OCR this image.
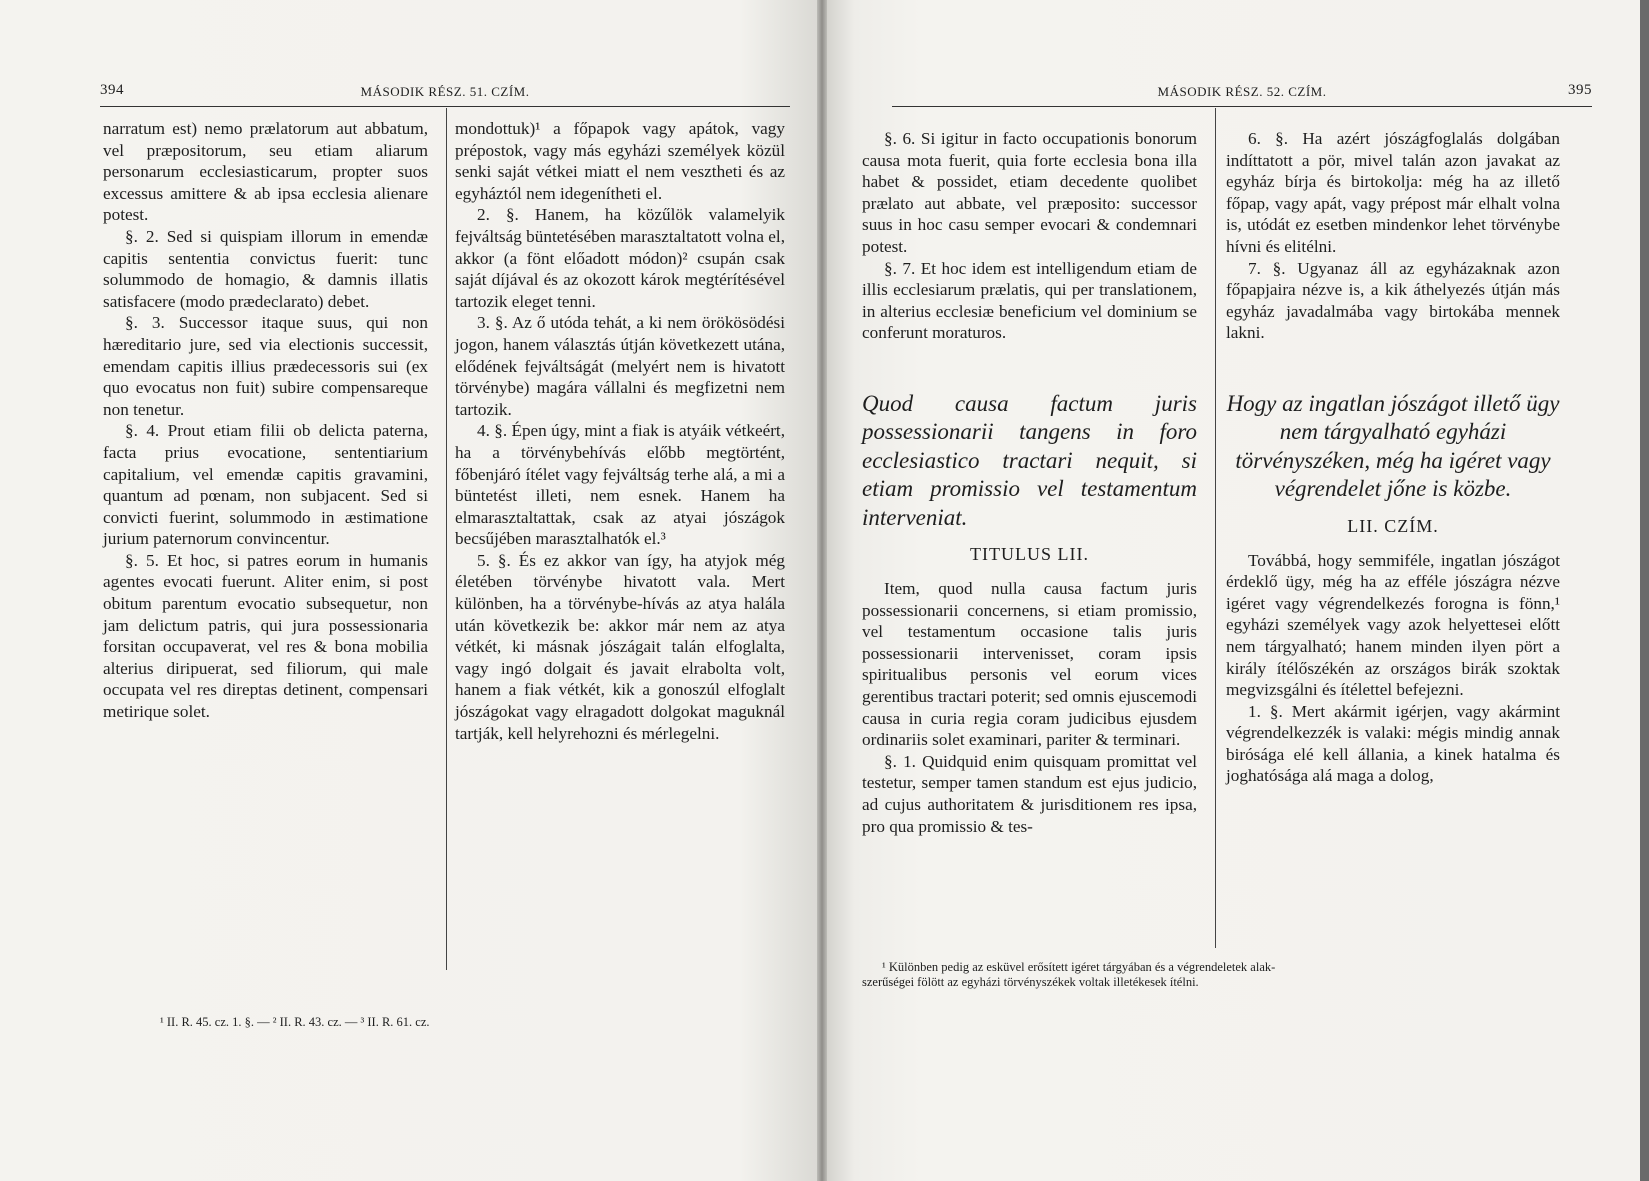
394	MÁSODIK RÉSZ. 51. CZÍM.

narratum est) nemo prælatorum aut abbatum, vel præpositorum, seu etiam aliarum personarum ecclesiasticarum, propter suos excessus amittere & ab ipsa ecclesia alienare potest.

§. 2. Sed si quispiam illorum in emendæ capitis sententia convictus fuerit: tunc solummodo de homagio, & damnis illatis satisfacere (modo prædeclarato) debet.

§. 3. Successor itaque suus, qui non hæreditario jure, sed via electionis successit, emendam capitis illius prædecessoris sui (ex quo evocatus non fuit) subire compensareque non tenetur.

§. 4. Prout etiam filii ob delicta paterna, facta prius evocatione, sententiarium capitalium, vel emendæ capitis gravamini, quantum ad pœnam, non subjacent. Sed si convicti fuerint, solummodo in æstimatione jurium paternorum convincentur.

§. 5. Et hoc, si patres eorum in humanis agentes evocati fuerunt. Aliter enim, si post obitum parentum evocatio subsequetur, non jam delictum patris, qui jura possessionaria forsitan occupaverat, vel res & bona mobilia alterius diripuerat, sed filiorum, qui male occupata vel res direptas detinent, compensari metirique solet.

mondottuk)¹ a főpapok vagy apátok, vagy prépostok, vagy más egyházi személyek közül senki saját vétkei miatt el nem vesztheti és az egyháztól nem idegenítheti el.

2. §. Hanem, ha közűlök valamelyik fejváltság büntetésében marasztaltatott volna el, akkor (a fönt előadott módon)² csupán csak saját díjával és az okozott károk megtérítésével tartozik eleget tenni.

3. §. Az ő utóda tehát, a ki nem örökösödési jogon, hanem választás útján következett utána, elődének fejváltságát (melyért nem is hivatott törvénybe) magára vállalni és megfizetni nem tartozik.

4. §. Épen úgy, mint a fiak is atyáik vétkeért, ha a törvénybehívás előbb megtörtént, főbenjáró ítélet vagy fejváltság terhe alá, a mi a büntetést illeti, nem esnek. Hanem ha elmarasztaltattak, csak az atyai jószágok becsűjében marasztalhatók el.³

5. §. És ez akkor van így, ha atyjok még életében törvénybe hivatott vala. Mert különben, ha a törvénybe-hívás az atya halála után következik be: akkor már nem az atya vétkét, ki másnak jószágait talán elfoglalta, vagy ingó dolgait és javait elrabolta volt, hanem a fiak vétkét, kik a gonoszúl elfoglalt jószágokat vagy elragadott dolgokat maguknál tartják, kell helyrehozni és mérlegelni.

¹ II. R. 45. cz. 1. §. — ² II. R. 43. cz. — ³ II. R. 61. cz.
MÁSODIK RÉSZ. 52. CZÍM.	395

§. 6. Si igitur in facto occupationis bonorum causa mota fuerit, quia forte ecclesia bona illa habet & possidet, etiam decedente quolibet prælato aut abbate, vel præposito: successor suus in hoc casu semper evocari & condemnari potest.

§. 7. Et hoc idem est intelligendum etiam de illis ecclesiarum prælatis, qui per translationem, in alterius ecclesiæ beneficium vel dominium se conferunt moraturos.

Quod causa factum juris possessionarii tangens in foro ecclesiastico tractari nequit, si etiam promissio vel testamentum interveniat.
TITULUS LII.

Item, quod nulla causa factum juris possessionarii concernens, si etiam promissio, vel testamentum occasione talis juris possessionarii intervenisset, coram ipsis spiritualibus personis vel eorum vices gerentibus tractari poterit; sed omnis ejuscemodi causa in curia regia coram judicibus ejusdem ordinariis solet examinari, pariter & terminari.

§. 1. Quidquid enim quisquam promittat vel testetur, semper tamen standum est ejus judicio, ad cujus authoritatem & jurisditionem res ipsa, pro qua promissio & tes-

6. §. Ha azért jószágfoglalás dolgában indíttatott a pör, mivel talán azon javakat az egyház bírja és birtokolja: még ha az illető főpap, vagy apát, vagy prépost már elhalt volna is, utódát ez esetben mindenkor lehet törvénybe hívni és elitélni.

7. §. Ugyanaz áll az egyházaknak azon főpapjaira nézve is, a kik áthelyezés útján más egyház javadalmába vagy birtokába mennek lakni.

Hogy az ingatlan jószágot illető ügy nem tárgyalható egyházi törvényszéken, még ha igéret vagy végrendelet jőne is közbe.
LII. CZÍM.

Továbbá, hogy semmiféle, ingatlan jószágot érdeklő ügy, még ha az efféle jószágra nézve igéret vagy végrendelkezés forogna is fönn,¹ egyházi személyek vagy azok helyettesei előtt nem tárgyalható; hanem minden ilyen pört a király ítélőszékén az országos birák szoktak megvizsgálni és ítélettel befejezni.

1. §. Mert akármit igérjen, vagy akármint végrendelkezzék is valaki: mégis mindig annak birósága elé kell állania, a kinek hatalma és joghatósága alá maga a dolog,

¹ Különben pedig az esküvel erősített igéret tárgyában és a végrendeletek alak-
szerűségei fölött az egyházi törvényszékek voltak illetékesek ítélni.
